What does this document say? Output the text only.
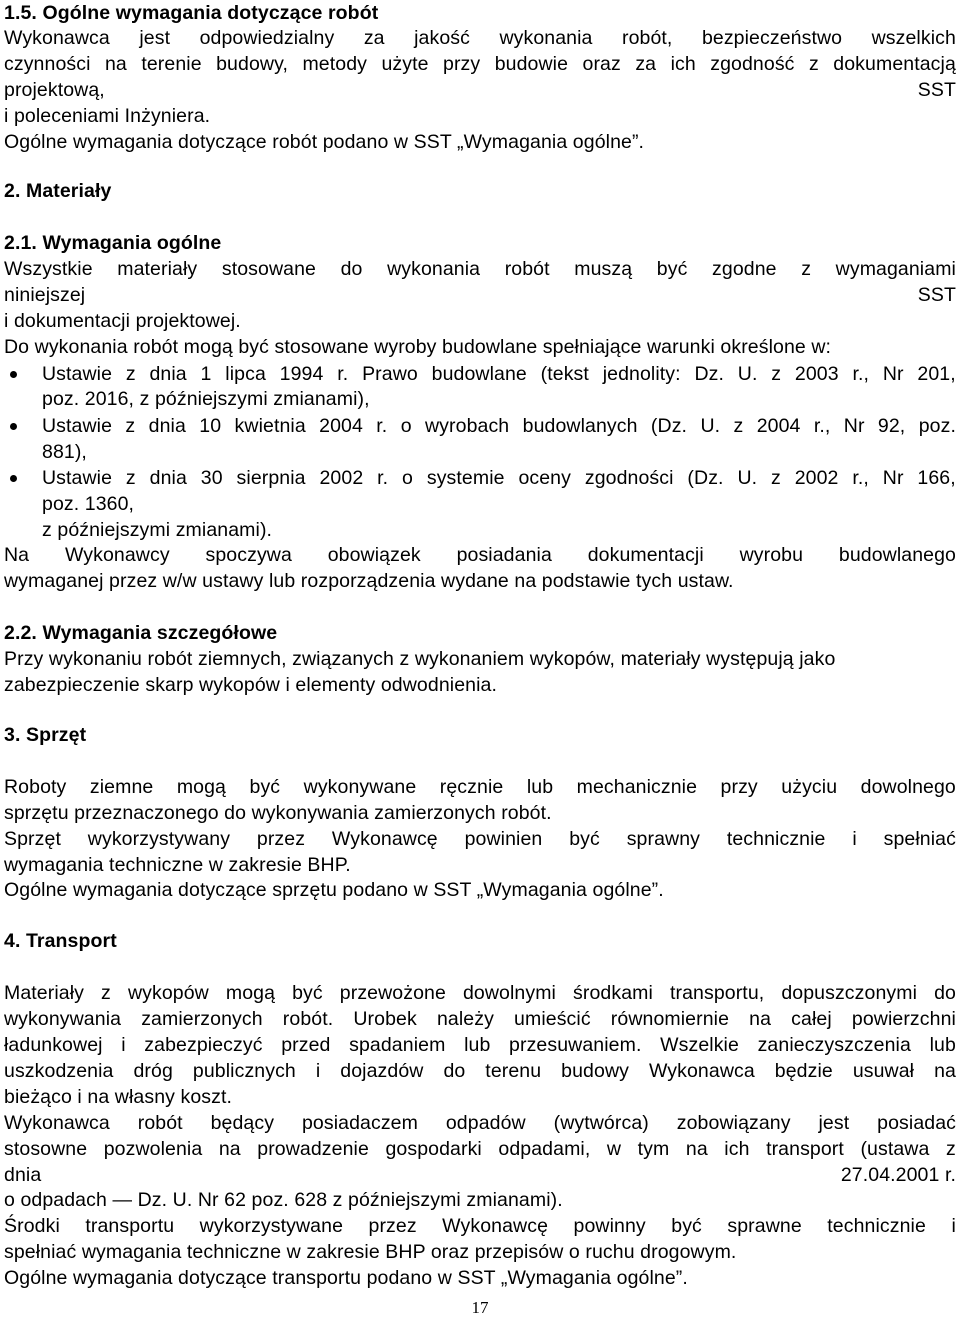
1.5. Ogólne wymagania dotyczące robót
Wykonawca jest odpowiedzialny za jakość wykonania robót, bezpieczeństwo wszelkich
czynności na terenie budowy, metody użyte przy budowie oraz za ich zgodność z dokumentacją
projektową,	SST
i poleceniami Inżyniera.
Ogólne wymagania dotyczące robót podano w SST „Wymagania ogólne”.
2. Materiały
2.1. Wymagania ogólne
Wszystkie materiały stosowane do wykonania robót muszą być zgodne z wymaganiami
niniejszej	SST
i dokumentacji projektowej.
Do wykonania robót mogą być stosowane wyroby budowlane spełniające warunki określone w:
Ustawie z dnia 1 lipca 1994 r. Prawo budowlane (tekst jednolity: Dz. U. z 2003 r., Nr 201,
poz. 2016, z późniejszymi zmianami),
Ustawie z dnia 10 kwietnia 2004 r. o wyrobach budowlanych (Dz. U. z 2004 r., Nr 92, poz.
881),
Ustawie z dnia 30 sierpnia 2002 r. o systemie oceny zgodności (Dz. U. z 2002 r., Nr 166,
poz. 1360,
z późniejszymi zmianami).
Na Wykonawcy spoczywa obowiązek posiadania dokumentacji wyrobu budowlanego
wymaganej przez w/w ustawy lub rozporządzenia wydane na podstawie tych ustaw.
2.2. Wymagania szczegółowe
Przy wykonaniu robót ziemnych, związanych z wykonaniem wykopów, materiały występują jako
zabezpieczenie skarp wykopów i elementy odwodnienia.
3. Sprzęt
Roboty ziemne mogą być wykonywane ręcznie lub mechanicznie przy użyciu dowolnego
sprzętu przeznaczonego do wykonywania zamierzonych robót.
Sprzęt wykorzystywany przez Wykonawcę powinien być sprawny technicznie i spełniać
wymagania techniczne w zakresie BHP.
Ogólne wymagania dotyczące sprzętu podano w SST „Wymagania ogólne”.
4. Transport
Materiały z wykopów mogą być przewożone dowolnymi środkami transportu, dopuszczonymi do
wykonywania zamierzonych robót. Urobek należy umieścić równomiernie na całej powierzchni
ładunkowej i zabezpieczyć przed spadaniem lub przesuwaniem. Wszelkie zanieczyszczenia lub
uszkodzenia dróg publicznych i dojazdów do terenu budowy Wykonawca będzie usuwał na
bieżąco i na własny koszt.
Wykonawca robót będący posiadaczem odpadów (wytwórca) zobowiązany jest posiadać
stosowne pozwolenia na prowadzenie gospodarki odpadami, w tym na ich transport (ustawa z
dnia	27.04.2001 r.
o odpadach — Dz. U. Nr 62 poz. 628 z późniejszymi zmianami).
Środki transportu wykorzystywane przez Wykonawcę powinny być sprawne technicznie i
spełniać wymagania techniczne w zakresie BHP oraz przepisów o ruchu drogowym.
Ogólne wymagania dotyczące transportu podano w SST „Wymagania ogólne”.
17
